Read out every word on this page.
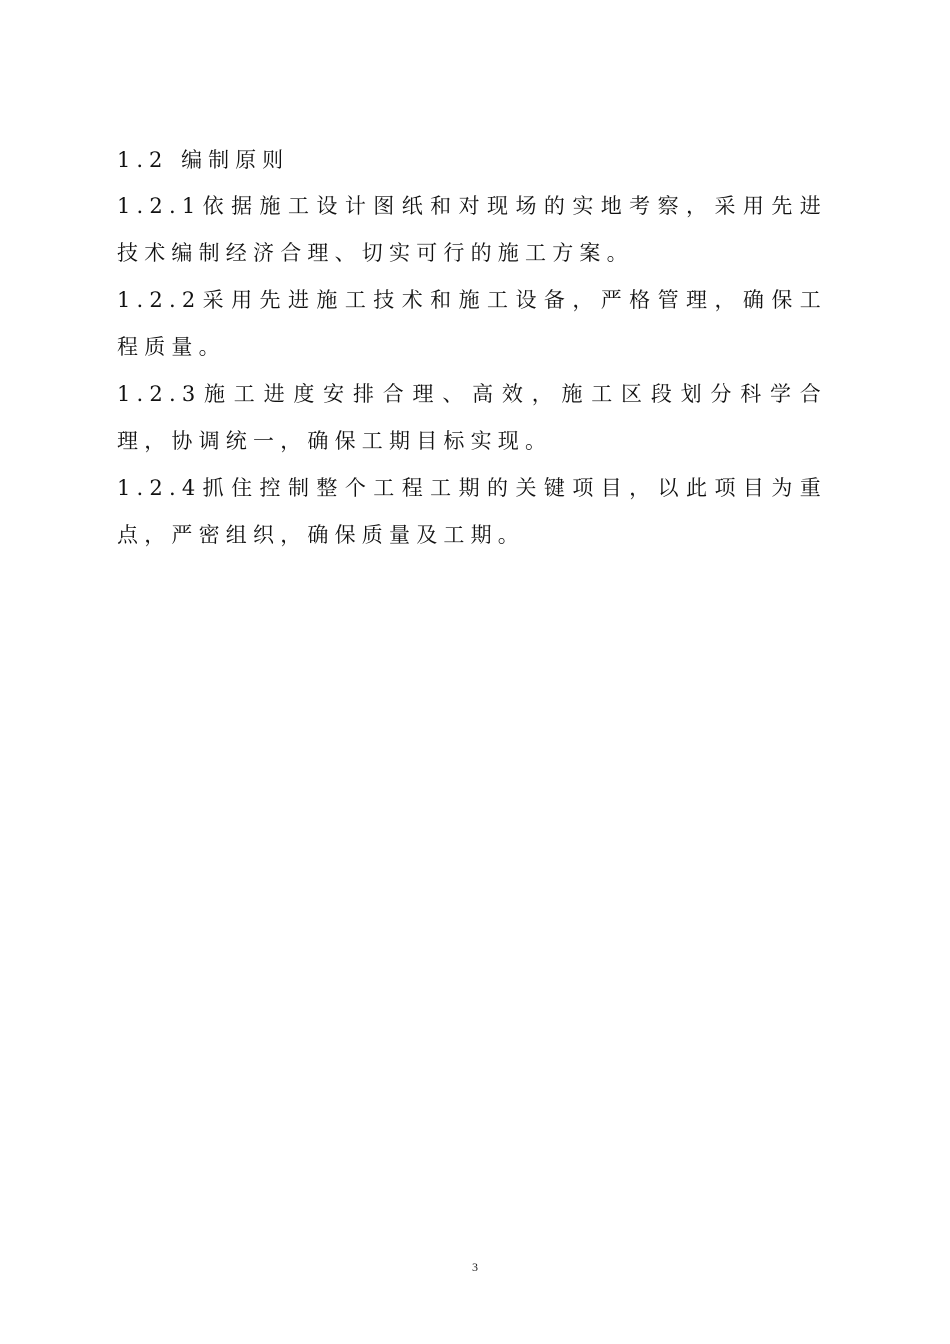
1.2 编制原则

1.2.1依据施工设计图纸和对现场的实地考察，采用先进技术编制经济合理、切实可行的施工方案。

1.2.2采用先进施工技术和施工设备，严格管理，确保工程质量。

1.2.3施工进度安排合理、高效，施工区段划分科学合理，协调统一，确保工期目标实现。

1.2.4抓住控制整个工程工期的关键项目，以此项目为重点，严密组织，确保质量及工期。

3
